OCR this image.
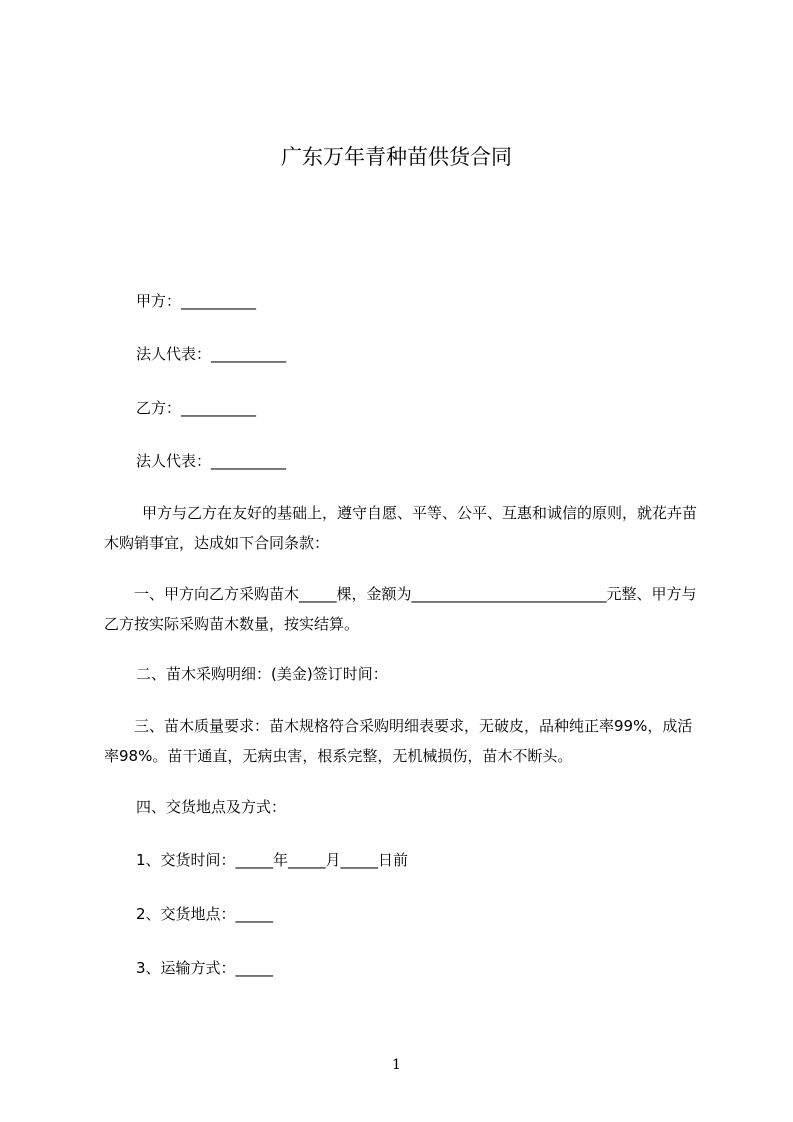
广东万年青种苗供货合同

甲方：__________

法人代表：__________

乙方：__________

法人代表：__________

甲方与乙方在友好的基础上，遵守自愿、平等、公平、互惠和诚信的原则，就花卉苗木购销事宜，达成如下合同条款：

一、甲方向乙方采购苗木_____棵，金额为__________________________元整、甲方与乙方按实际采购苗木数量，按实结算。

二、苗木采购明细：(美金)签订时间：

三、苗木质量要求：苗木规格符合采购明细表要求，无破皮，品种纯正率99%，成活率98%。苗干通直，无病虫害，根系完整，无机械损伤，苗木不断头。

四、交货地点及方式：

1、交货时间：_____年_____月_____日前

2、交货地点：_____

3、运输方式：_____

1
